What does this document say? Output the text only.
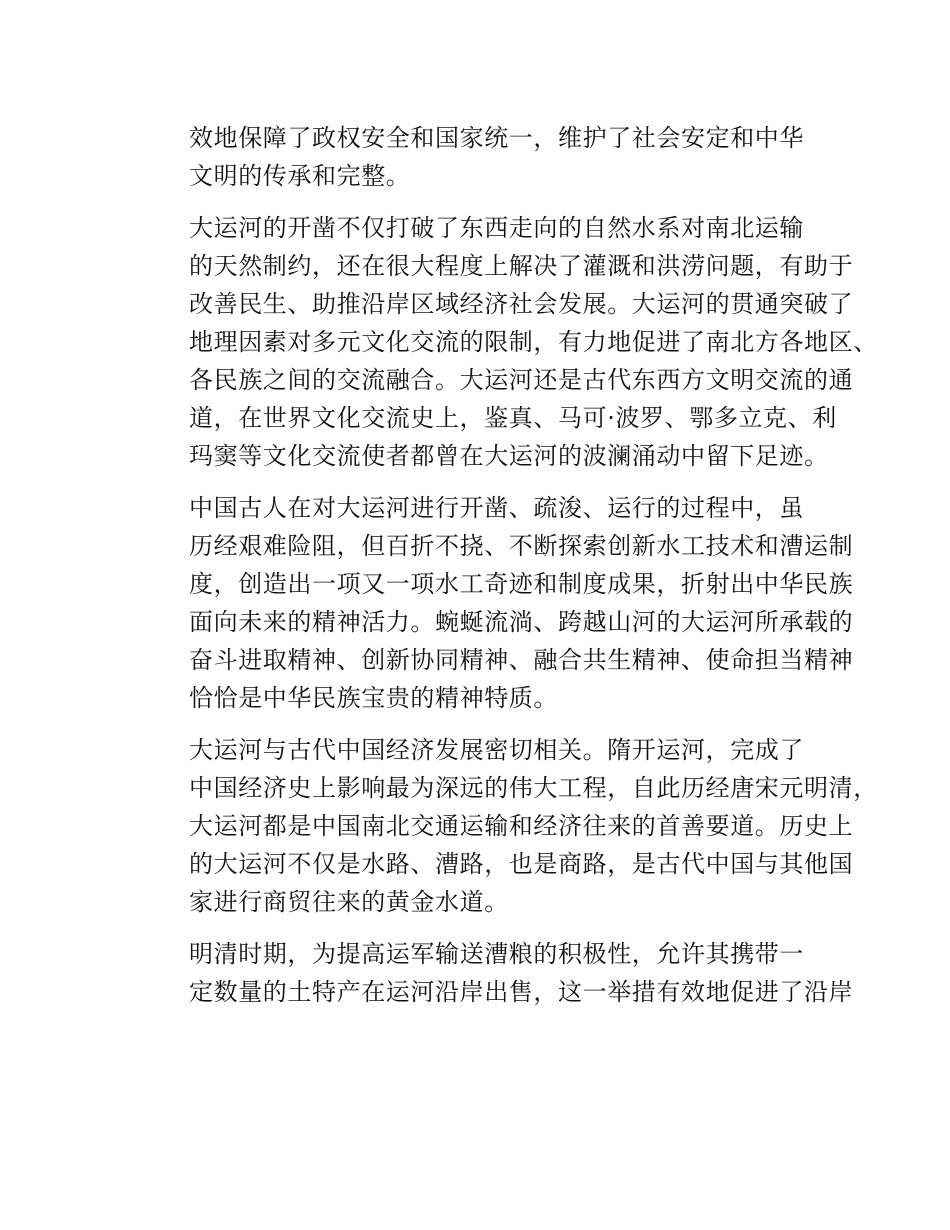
效地保障了政权安全和国家统一，维护了社会安定和中华
文明的传承和完整。
大运河的开凿不仅打破了东西走向的自然水系对南北运输
的天然制约，还在很大程度上解决了灌溉和洪涝问题，有助于
改善民生、助推沿岸区域经济社会发展。大运河的贯通突破了
地理因素对多元文化交流的限制，有力地促进了南北方各地区、
各民族之间的交流融合。大运河还是古代东西方文明交流的通
道，在世界文化交流史上，鉴真、马可·波罗、鄂多立克、利
玛窦等文化交流使者都曾在大运河的波澜涌动中留下足迹。
中国古人在对大运河进行开凿、疏浚、运行的过程中，虽
历经艰难险阻，但百折不挠、不断探索创新水工技术和漕运制
度，创造出一项又一项水工奇迹和制度成果，折射出中华民族
面向未来的精神活力。蜿蜒流淌、跨越山河的大运河所承载的
奋斗进取精神、创新协同精神、融合共生精神、使命担当精神
恰恰是中华民族宝贵的精神特质。
大运河与古代中国经济发展密切相关。隋开运河，完成了
中国经济史上影响最为深远的伟大工程，自此历经唐宋元明清，
大运河都是中国南北交通运输和经济往来的首善要道。历史上
的大运河不仅是水路、漕路，也是商路，是古代中国与其他国
家进行商贸往来的黄金水道。
明清时期，为提高运军输送漕粮的积极性，允许其携带一
定数量的土特产在运河沿岸出售，这一举措有效地促进了沿岸
